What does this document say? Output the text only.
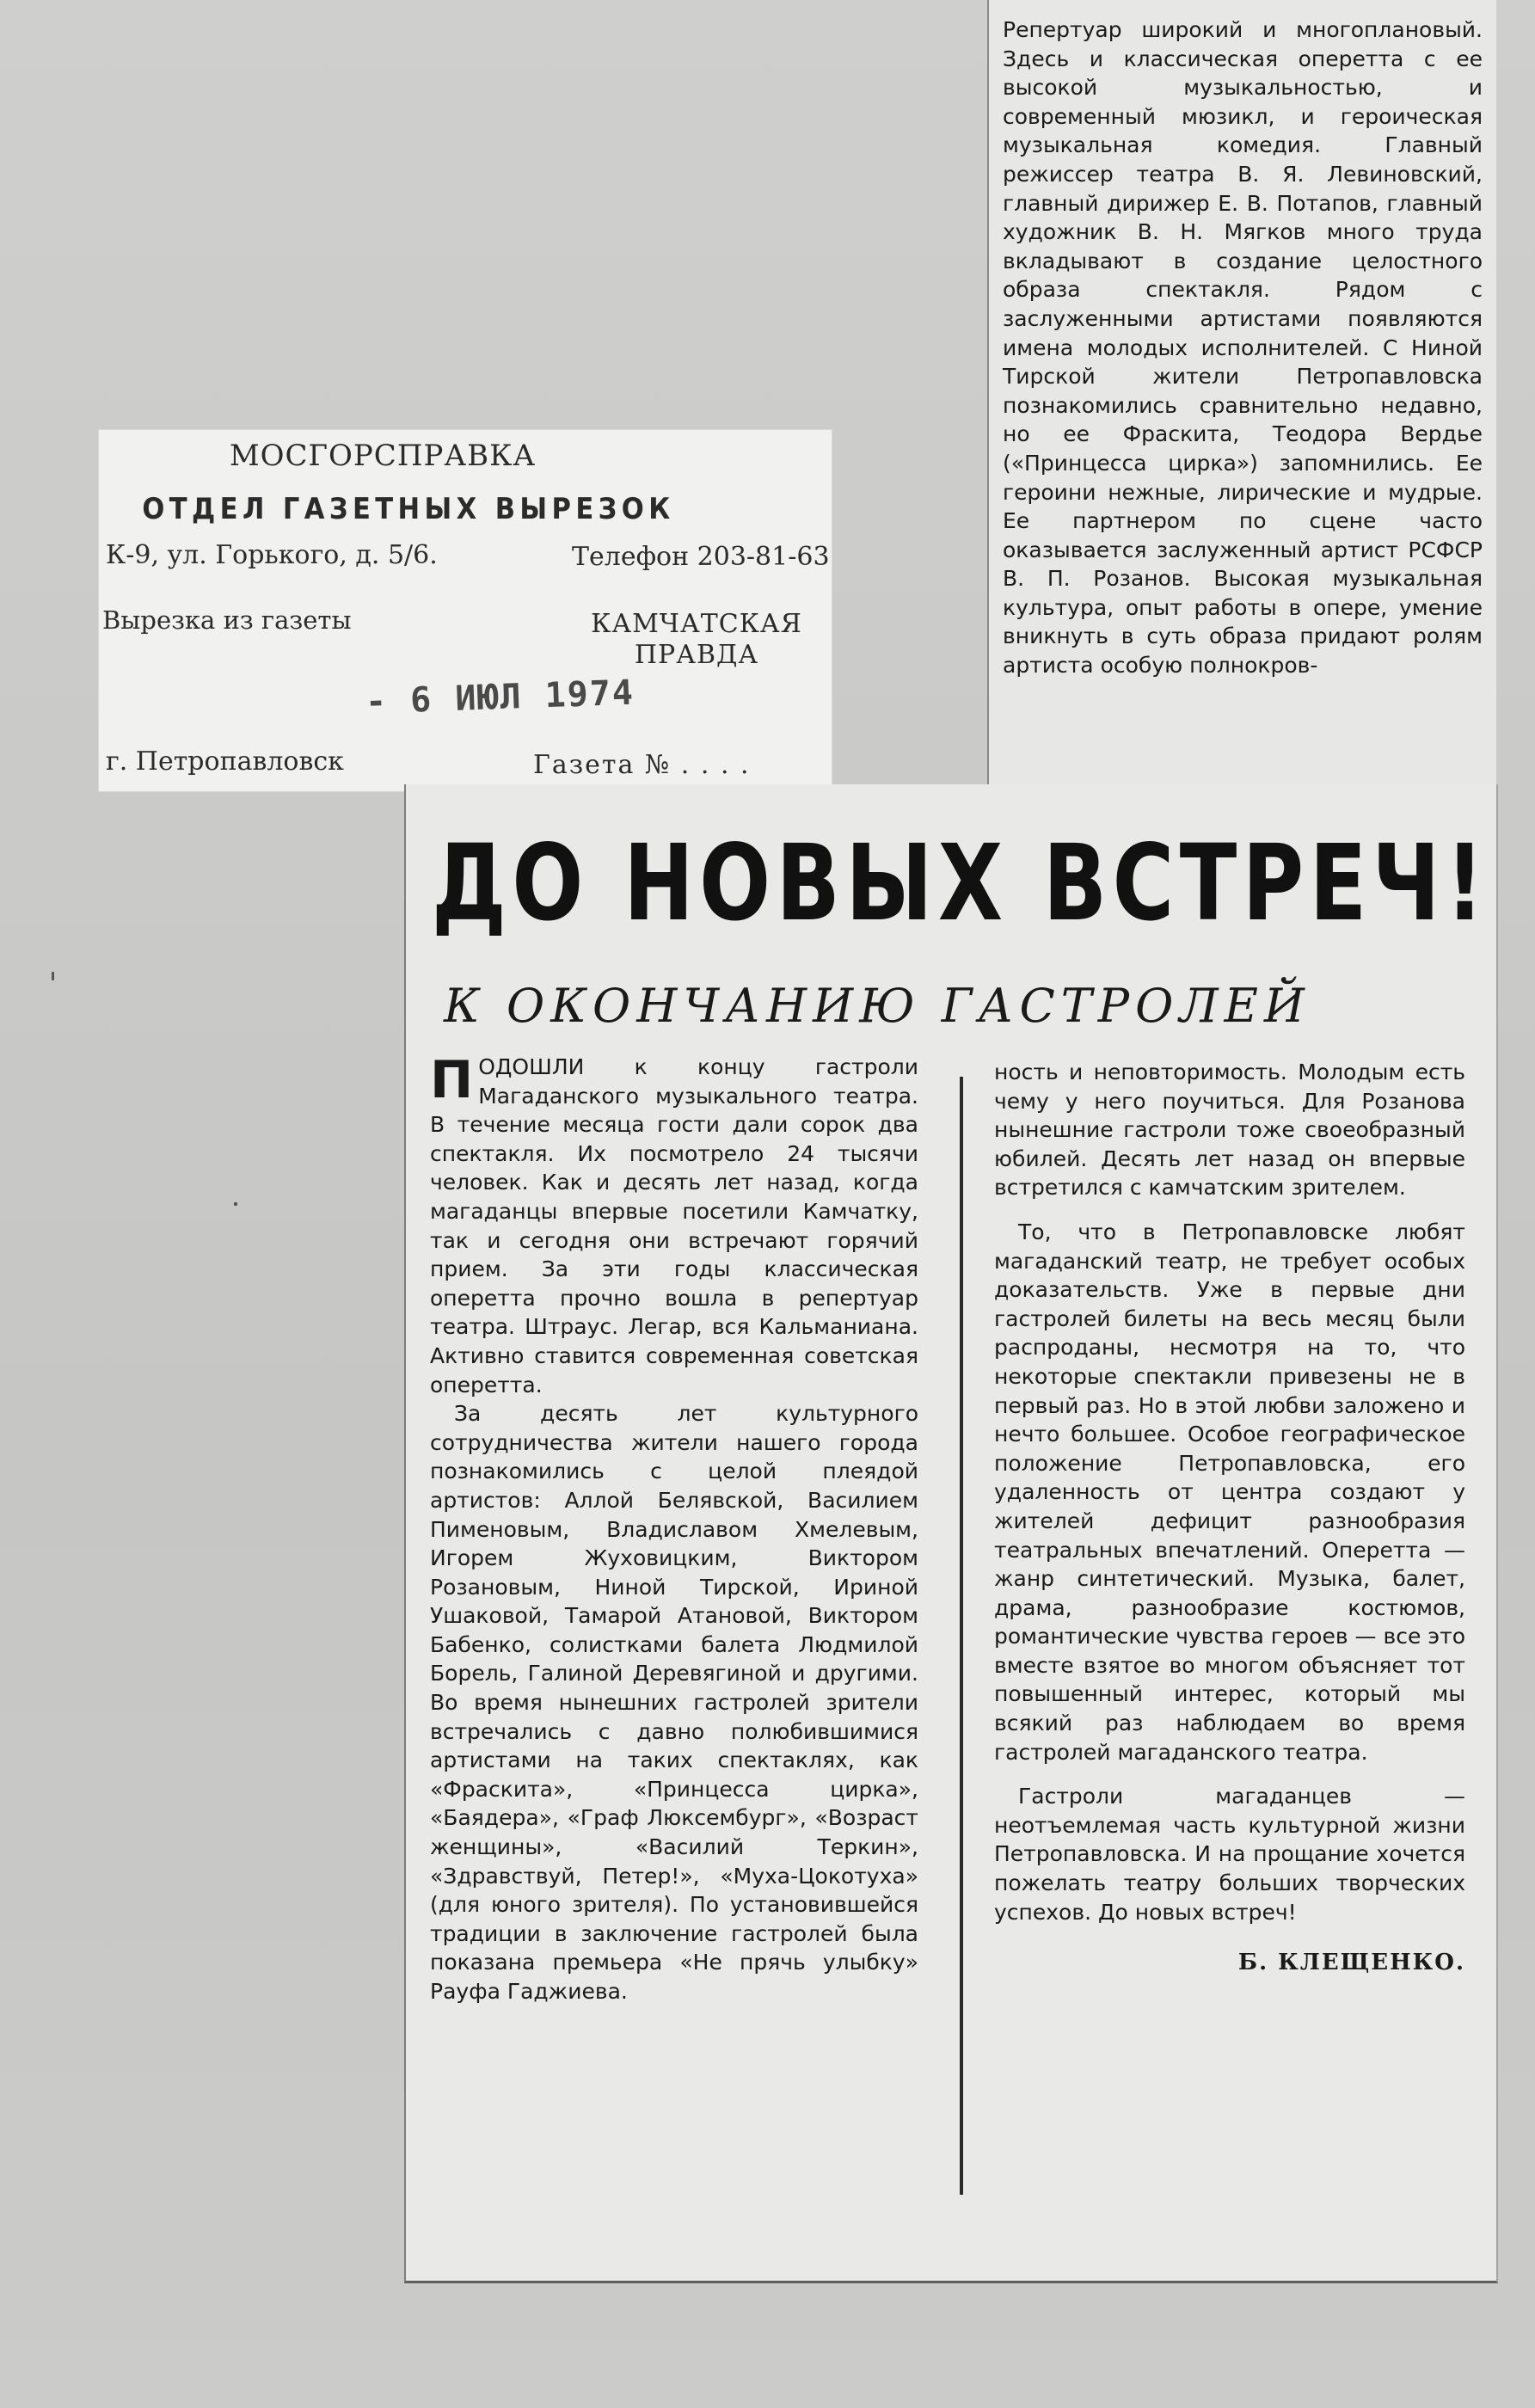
Репертуар широкий и многоплановый. Здесь и классическая оперетта с ее высокой музыкальностью, и современный мюзикл, и героическая музыкальная комедия. Главный режиссер театра В. Я. Левиновский, главный дирижер Е. В. Потапов, главный художник В. Н. Мягков много труда вкладывают в создание целостного образа спектакля. Рядом с заслуженными артистами появляются имена молодых исполнителей. С Ниной Тирской жители Петропавловска познакомились сравнительно недавно, но ее Фраскита, Теодора Вердье («Принцесса цирка») запомнились. Ее героини нежные, лирические и мудрые. Ее партнером по сцене часто оказывается заслуженный артист РСФСР В. П. Розанов. Высокая музыкальная культура, опыт работы в опере, умение вникнуть в суть образа придают ролям артиста особую полнокров-

МОСГОРСПРАВКА
ОТДЕЛ ГАЗЕТНЫХ ВЫРЕЗОК
К-9, ул. Горького, д. 5/6.	Телефон 203-81-63
Вырезка из газеты	КАМЧАТСКАЯ ПРАВДА
- 6 ИЮЛ 1974
г. Петропавловск	Газета № . . . .
ДО НОВЫХ ВСТРЕЧ!
К ОКОНЧАНИЮ ГАСТРОЛЕЙ

ПОДОШЛИ к концу гастроли Магаданского музыкального театра. В течение месяца гости дали сорок два спектакля. Их посмотрело 24 тысячи человек. Как и десять лет назад, когда магаданцы впервые посетили Камчатку, так и сегодня они встречают горячий прием. За эти годы классическая оперетта прочно вошла в репертуар театра. Штраус. Легар, вся Кальманиана. Активно ставится современная советская оперетта.

За десять лет культурного сотрудничества жители нашего города познакомились с целой плеядой артистов: Аллой Белявской, Василием Пименовым, Владиславом Хмелевым, Игорем Жуховицким, Виктором Розановым, Ниной Тирской, Ириной Ушаковой, Тамарой Атановой, Виктором Бабенко, солистками балета Людмилой Борель, Галиной Деревягиной и другими. Во время нынешних гастролей зрители встречались с давно полюбившимися артистами на таких спектаклях, как «Фраскита», «Принцесса цирка», «Баядера», «Граф Люксембург», «Возраст женщины», «Василий Теркин», «Здравствуй, Петер!», «Муха-Цокотуха» (для юного зрителя). По установившейся традиции в заключение гастролей была показана премьера «Не прячь улыбку» Рауфа Гаджиева.

ность и неповторимость. Молодым есть чему у него поучиться. Для Розанова нынешние гастроли тоже своеобразный юбилей. Десять лет назад он впервые встретился с камчатским зрителем.

То, что в Петропавловске любят магаданский театр, не требует особых доказательств. Уже в первые дни гастролей билеты на весь месяц были распроданы, несмотря на то, что некоторые спектакли привезены не в первый раз. Но в этой любви заложено и нечто большее. Особое географическое положение Петропавловска, его удаленность от центра создают у жителей дефицит разнообразия театральных впечатлений. Оперетта — жанр синтетический. Музыка, балет, драма, разнообразие костюмов, романтические чувства героев — все это вместе взятое во многом объясняет тот повышенный интерес, который мы всякий раз наблюдаем во время гастролей магаданского театра.

Гастроли магаданцев — неотъемлемая часть культурной жизни Петропавловска. И на прощание хочется пожелать театру больших творческих успехов. До новых встреч!

Б. КЛЕЩЕНКО.
